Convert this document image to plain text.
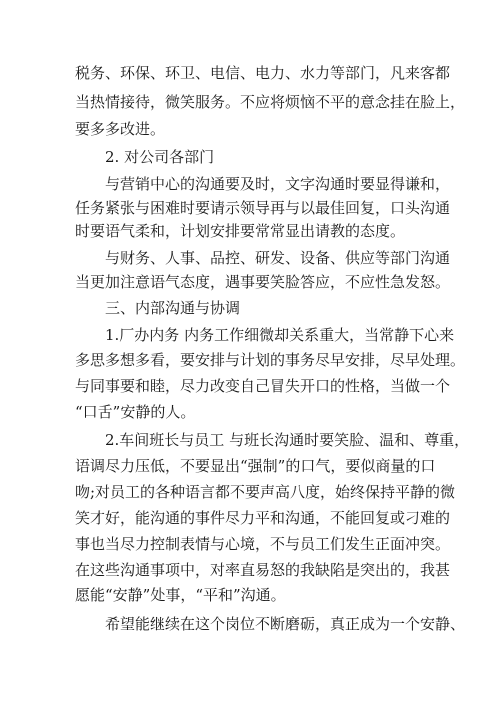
税务、环保、环卫、电信、电力、水力等部门，凡来客都
当热情接待，微笑服务。不应将烦恼不平的意念挂在脸上，
要多多改进。
2. 对公司各部门
与营销中心的沟通要及时，文字沟通时要显得谦和，
任务紧张与困难时要请示领导再与以最佳回复，口头沟通
时要语气柔和，计划安排要常常显出请教的态度。
与财务、人事、品控、研发、设备、供应等部门沟通
当更加注意语气态度，遇事要笑脸答应，不应性急发怒。
三、内部沟通与协调
1.厂办内务 内务工作细微却关系重大，当常静下心来
多思多想多看，要安排与计划的事务尽早安排，尽早处理。
与同事要和睦，尽力改变自己冒失开口的性格，当做一个
“口舌”安静的人。
2.车间班长与员工 与班长沟通时要笑脸、温和、尊重，
语调尽力压低，不要显出“强制”的口气，要似商量的口
吻;对员工的各种语言都不要声高八度，始终保持平静的微
笑才好，能沟通的事件尽力平和沟通，不能回复或刁难的
事也当尽力控制表情与心境，不与员工们发生正面冲突。
在这些沟通事项中，对率直易怒的我缺陷是突出的，我甚
愿能“安静”处事，“平和”沟通。
希望能继续在这个岗位不断磨砺，真正成为一个安静、
